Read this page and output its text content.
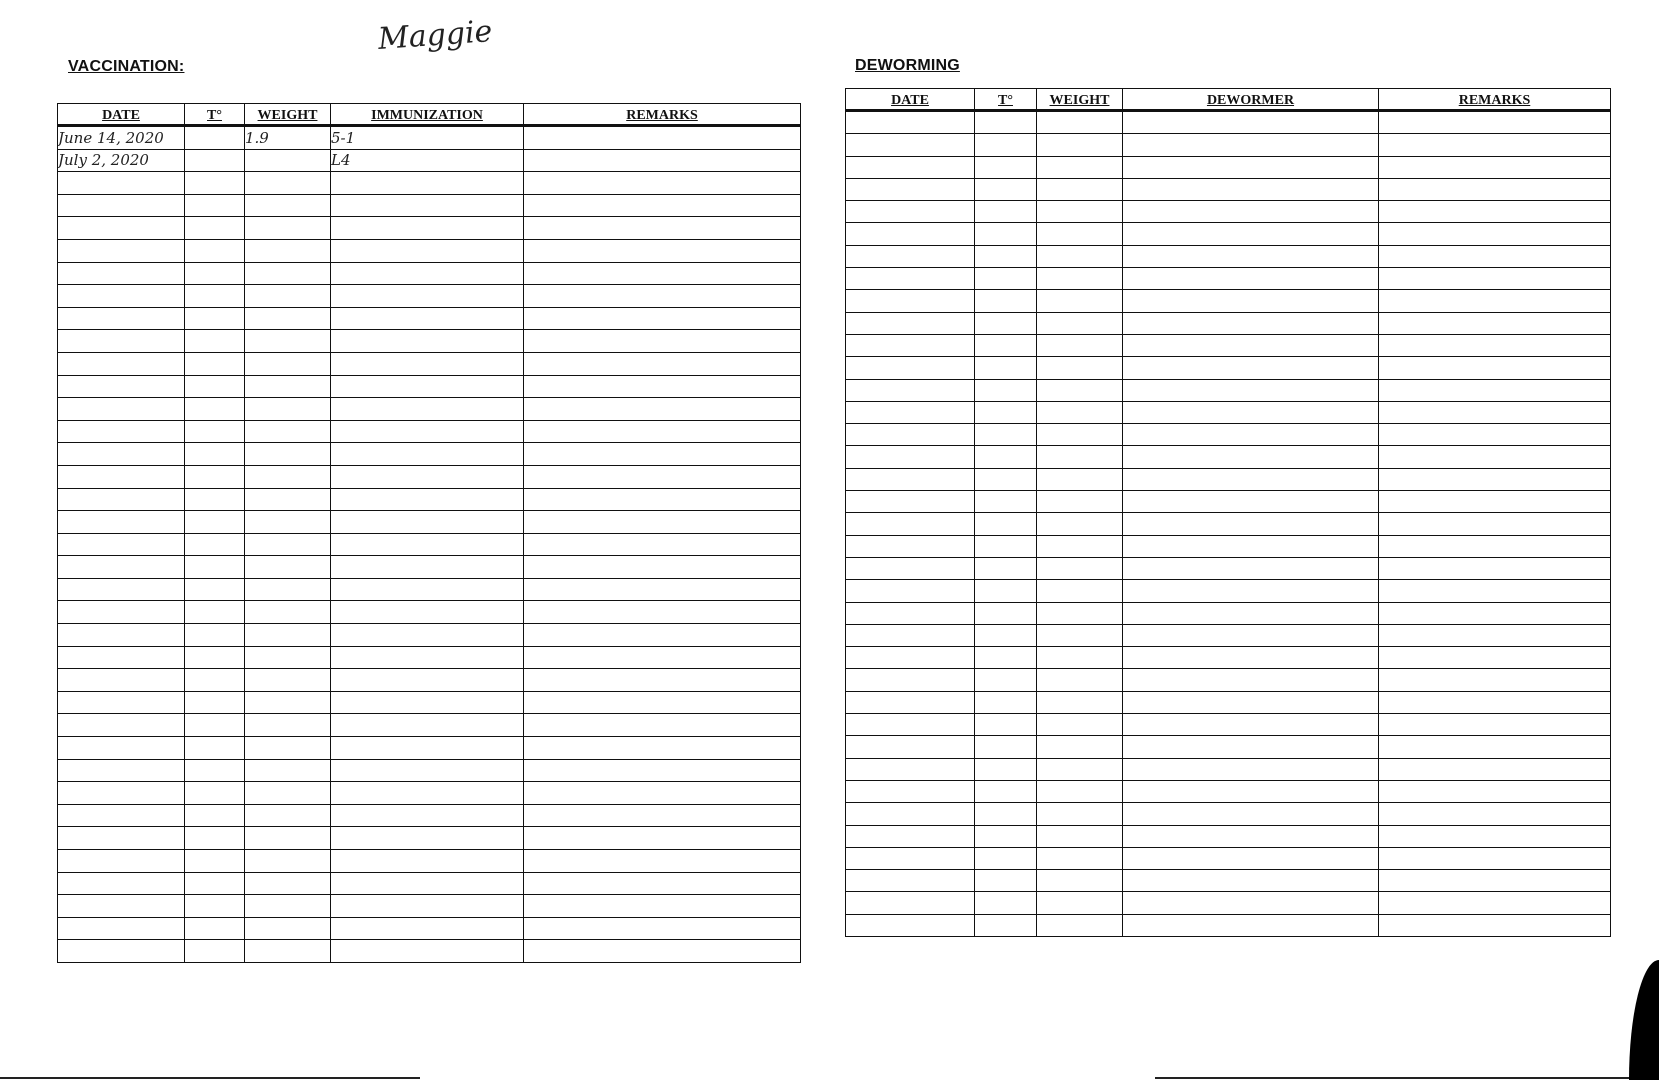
Maggie
VACCINATION:
DATE	T°	WEIGHT	IMMUNIZATION	REMARKS
June 14, 2020		1.9	5-1	
July 2, 2020			L4	

DEWORMING
DATE	T°	WEIGHT	DEWORMER	REMARKS
